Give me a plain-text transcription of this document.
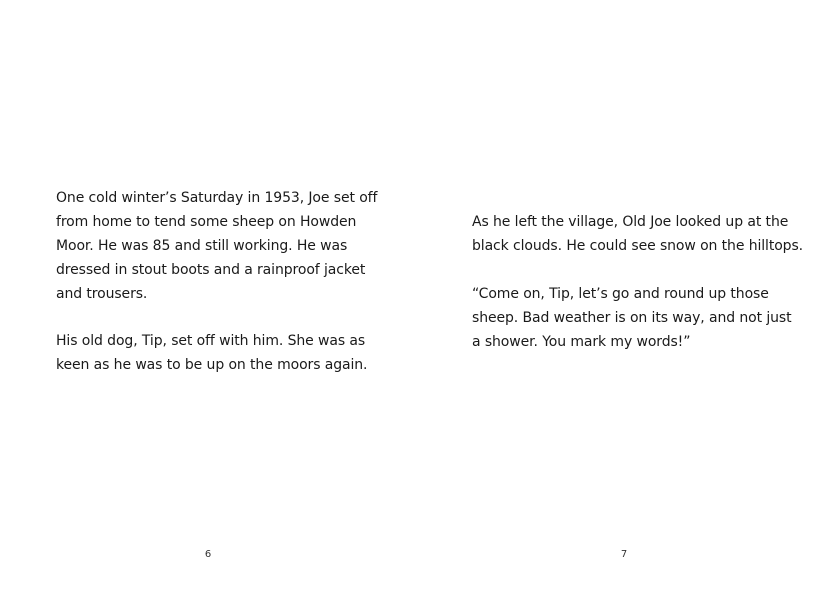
One cold winter’s Saturday in 1953, Joe set off
from home to tend some sheep on Howden
Moor. He was 85 and still working. He was
dressed in stout boots and a rainproof jacket
and trousers.

His old dog, Tip, set off with him. She was as
keen as he was to be up on the moors again.

6

As he left the village, Old Joe looked up at the
black clouds. He could see snow on the hilltops.

“Come on, Tip, let’s go and round up those
sheep. Bad weather is on its way, and not just
a shower. You mark my words!”

7
